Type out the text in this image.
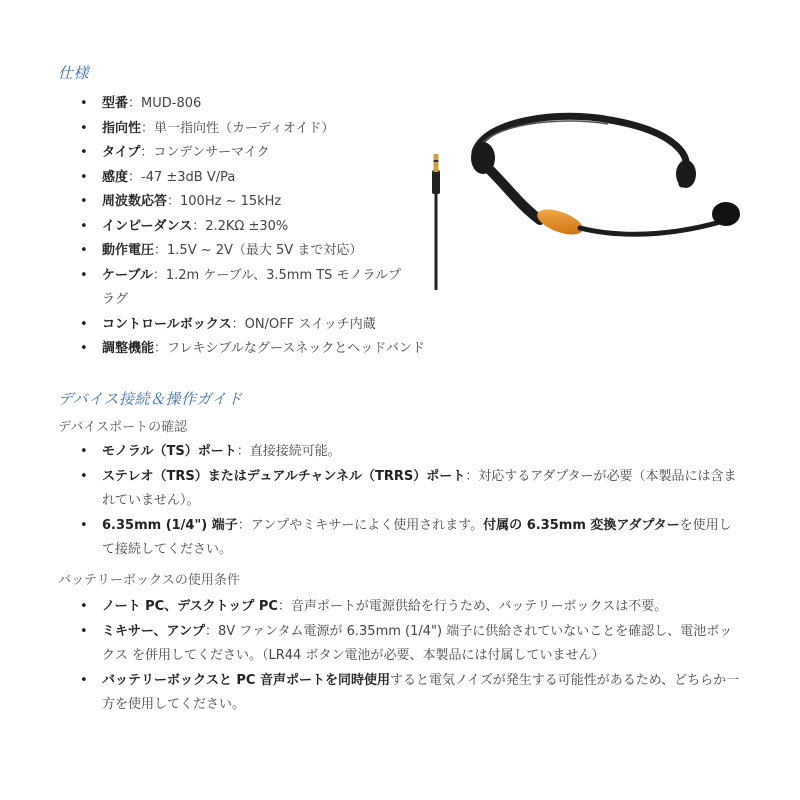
仕様
• 型番：MUD-806
• 指向性：単一指向性（カーディオイド）
• タイプ：コンデンサーマイク
• 感度：-47 ±3dB V/Pa
• 周波数応答：100Hz ~ 15kHz
• インピーダンス：2.2KΩ ±30%
• 動作電圧：1.5V ~ 2V（最大 5V まで対応）
• ケーブル：1.2m ケーブル、3.5mm TS モノラルプラグ
• コントロールボックス：ON/OFF スイッチ内蔵
• 調整機能：フレキシブルなグースネックとヘッドバンド
デバイス接続＆操作ガイド
デバイスポートの確認
• モノラル（TS）ポート：直接接続可能。
• ステレオ（TRS）またはデュアルチャンネル（TRRS）ポート：対応するアダプターが必要（本製品には含まれていません）。
• 6.35mm (1/4") 端子：アンプやミキサーによく使用されます。付属の 6.35mm 変換アダプターを使用して接続してください。
バッテリーボックスの使用条件
• ノート PC、デスクトップ PC：音声ポートが電源供給を行うため、バッテリーボックスは不要。
• ミキサー、アンプ：8V ファンタム電源が 6.35mm (1/4") 端子に供給されていないことを確認し、電池ボックス を併用してください。（LR44 ボタン電池が必要、本製品には付属していません）
• バッテリーボックスと PC 音声ポートを同時使用すると電気ノイズが発生する可能性があるため、どちらか一方を使用してください。
